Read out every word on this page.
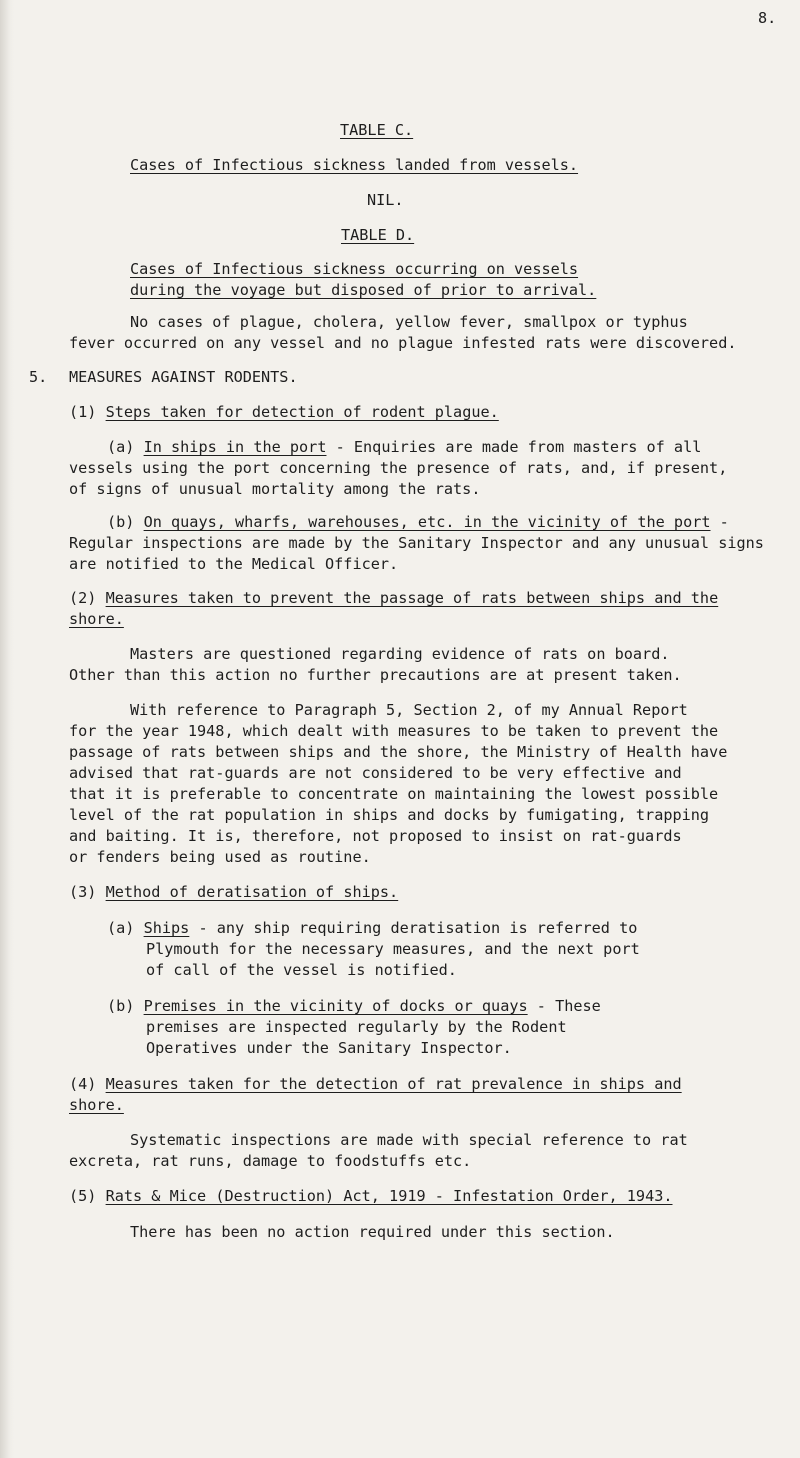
8.
TABLE C.
Cases of Infectious sickness landed from vessels.
NIL.
TABLE D.
Cases of Infectious sickness occurring on vessels
during the voyage but disposed of prior to arrival.
No cases of plague, cholera, yellow fever, smallpox or typhus
fever occurred on any vessel and no plague infested rats were discovered.
5. MEASURES AGAINST RODENTS.
(1) Steps taken for detection of rodent plague.
(a) In ships in the port - Enquiries are made from masters of all
vessels using the port concerning the presence of rats, and, if present,
of signs of unusual mortality among the rats.
(b) On quays, wharfs, warehouses, etc. in the vicinity of the port -
Regular inspections are made by the Sanitary Inspector and any unusual signs
are notified to the Medical Officer.
(2) Measures taken to prevent the passage of rats between ships and the
shore.
Masters are questioned regarding evidence of rats on board.
Other than this action no further precautions are at present taken.
With reference to Paragraph 5, Section 2, of my Annual Report
for the year 1948, which dealt with measures to be taken to prevent the
passage of rats between ships and the shore, the Ministry of Health have
advised that rat-guards are not considered to be very effective and
that it is preferable to concentrate on maintaining the lowest possible
level of the rat population in ships and docks by fumigating, trapping
and baiting. It is, therefore, not proposed to insist on rat-guards
or fenders being used as routine.
(3) Method of deratisation of ships.
(a) Ships - any ship requiring deratisation is referred to
Plymouth for the necessary measures, and the next port
of call of the vessel is notified.
(b) Premises in the vicinity of docks or quays - These
premises are inspected regularly by the Rodent
Operatives under the Sanitary Inspector.
(4) Measures taken for the detection of rat prevalence in ships and
shore.
Systematic inspections are made with special reference to rat
excreta, rat runs, damage to foodstuffs etc.
(5) Rats & Mice (Destruction) Act, 1919 - Infestation Order, 1943.
There has been no action required under this section.
